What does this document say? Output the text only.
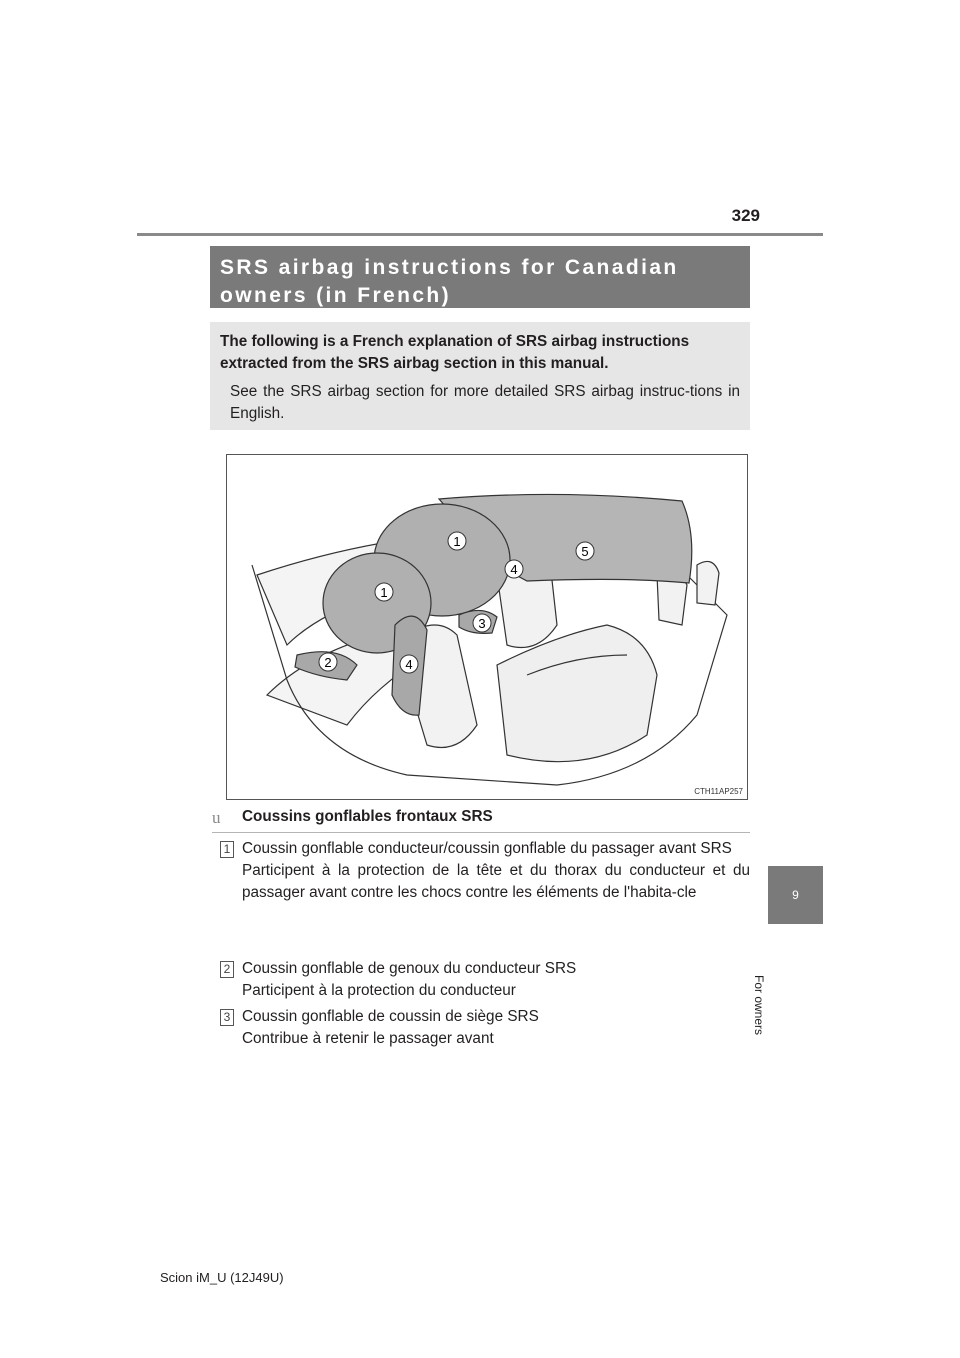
329
SRS airbag instructions for Canadian
owners (in French)
The following is a French explanation of SRS airbag instructions
extracted from the SRS airbag section in this manual.
See the SRS airbag section for more detailed SRS airbag instruc-tions in English.
1
1
2
3
4
4
5
CTH11AP257
u Coussins gonflables frontaux SRS
1 Coussin gonflable conducteur/coussin gonflable du passager avant SRS
Participent à la protection de la tête et du thorax du conducteur et du passager avant contre les chocs contre les éléments de l'habita-cle
2 Coussin gonflable de genoux du conducteur SRS
Participent à la protection du conducteur
3 Coussin gonflable de coussin de siège SRS
Contribue à retenir le passager avant
9
For owners
Scion iM_U (12J49U)
